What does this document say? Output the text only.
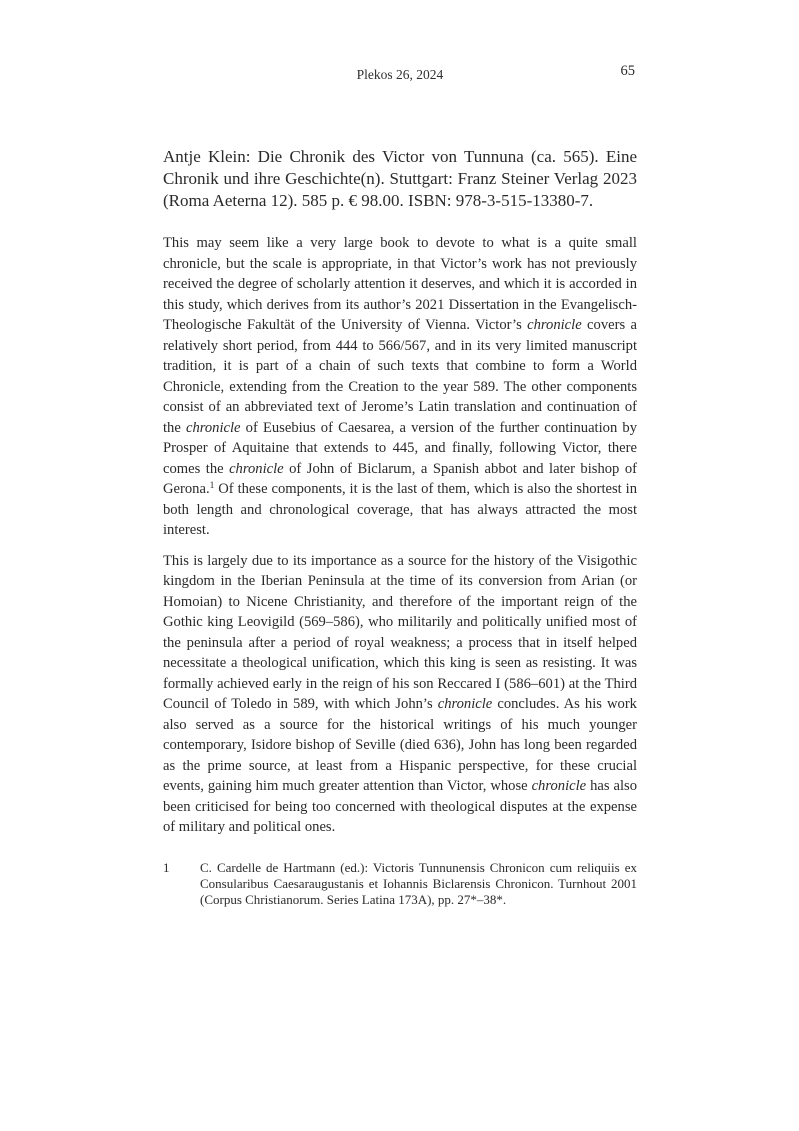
Plekos 26, 2024	65

Antje Klein: Die Chronik des Victor von Tunnuna (ca. 565). Eine Chronik und ihre Geschichte(n). Stuttgart: Franz Steiner Verlag 2023 (Roma Aeterna 12). 585 p. € 98.00. ISBN: 978-3-515-13380-7.

This may seem like a very large book to devote to what is a quite small chronicle, but the scale is appropriate, in that Victor’s work has not previously received the degree of scholarly attention it deserves, and which it is accorded in this study, which derives from its author’s 2021 Dissertation in the Evangelisch-Theologische Fakultät of the University of Vienna. Victor’s chronicle covers a relatively short period, from 444 to 566/567, and in its very limited manuscript tradition, it is part of a chain of such texts that combine to form a World Chronicle, extending from the Creation to the year 589. The other components consist of an abbreviated text of Jerome’s Latin translation and continuation of the chronicle of Eusebius of Caesarea, a version of the further continuation by Prosper of Aquitaine that extends to 445, and finally, following Victor, there comes the chronicle of John of Biclarum, a Spanish abbot and later bishop of Gerona.$^1$ Of these components, it is the last of them, which is also the shortest in both length and chronological coverage, that has always attracted the most interest.

This is largely due to its importance as a source for the history of the Visigothic kingdom in the Iberian Peninsula at the time of its conversion from Arian (or Homoian) to Nicene Christianity, and therefore of the important reign of the Gothic king Leovigild (569–586), who militarily and politically unified most of the peninsula after a period of royal weakness; a process that in itself helped necessitate a theological unification, which this king is seen as resisting. It was formally achieved early in the reign of his son Reccared I (586–601) at the Third Council of Toledo in 589, with which John’s chronicle concludes. As his work also served as a source for the historical writings of his much younger contemporary, Isidore bishop of Seville (died 636), John has long been regarded as the prime source, at least from a Hispanic perspective, for these crucial events, gaining him much greater attention than Victor, whose chronicle has also been criticised for being too concerned with theological disputes at the expense of military and political ones.

1	C. Cardelle de Hartmann (ed.): Victoris Tunnunensis Chronicon cum reliquiis ex Consularibus Caesaraugustanis et Iohannis Biclarensis Chronicon. Turnhout 2001 (Corpus Christianorum. Series Latina 173A), pp. 27*–38*.
